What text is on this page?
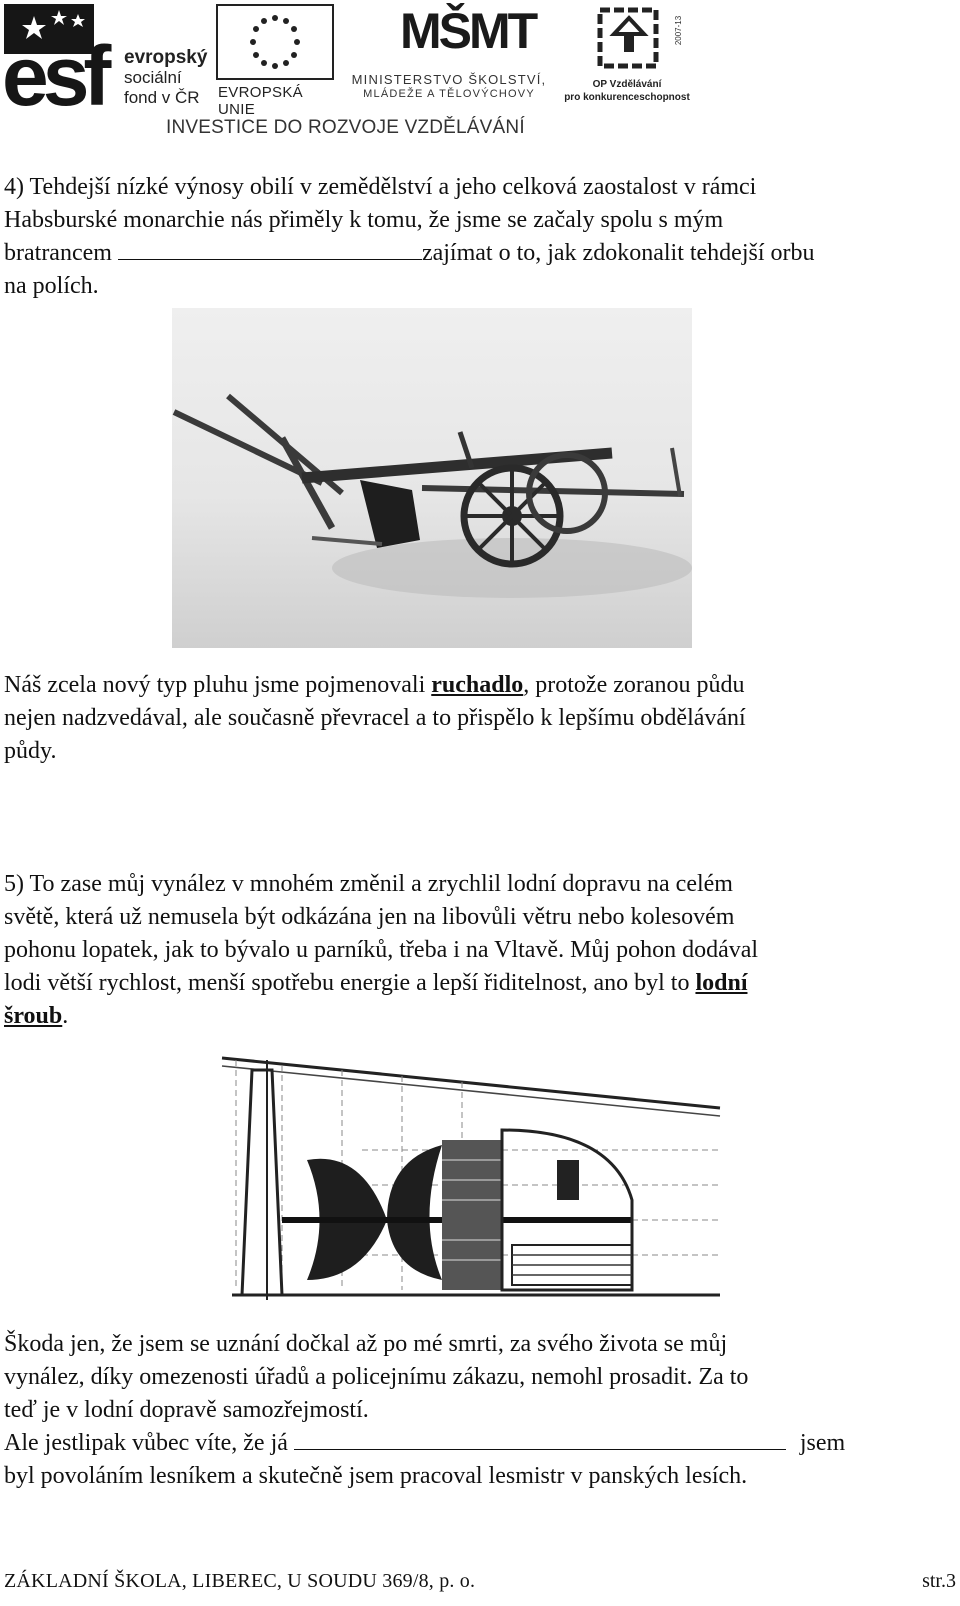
esf evropský
sociální
fond v ČR	EVROPSKÁ UNIE
MŠMT
MINISTERSTVO ŠKOLSTVÍ,
MLÁDEŽE A TĚLOVÝCHOVY
2007-13
OP Vzdělávání
pro konkurenceschopnost
INVESTICE DO ROZVOJE VZDĚLÁVÁNÍ
4) Tehdejší nízké výnosy obilí v zemědělství a jeho celková zaostalost v rámci
Habsburské monarchie nás přiměly k tomu, že jsme se začaly spolu s mým
bratrancem	zajímat o to, jak zdokonalit tehdejší orbu
na polích.
Náš zcela nový typ pluhu jsme pojmenovali ruchadlo, protože zoranou půdu
nejen nadzvedával, ale současně převracel a to přispělo k lepšímu obdělávání
půdy.
5) To zase můj vynález v mnohém změnil a zrychlil lodní dopravu na celém
světě, která už nemusela být odkázána jen na libovůli větru nebo kolesovém
pohonu lopatek, jak to bývalo u parníků, třeba i na Vltavě. Můj pohon dodával
lodi větší rychlost, menší spotřebu energie a lepší řiditelnost, ano byl to lodní
šroub.
Škoda jen, že jsem se uznání dočkal až po mé smrti, za svého života se můj
vynález, díky omezenosti úřadů a policejnímu zákazu, nemohl prosadit. Za to
teď je v lodní dopravě samozřejmostí.
Ale jestlipak vůbec víte, že já	jsem
byl povoláním lesníkem a skutečně jsem pracoval lesmistr v panských lesích.
ZÁKLADNÍ ŠKOLA, LIBEREC, U SOUDU 369/8, p. o.	str.3
